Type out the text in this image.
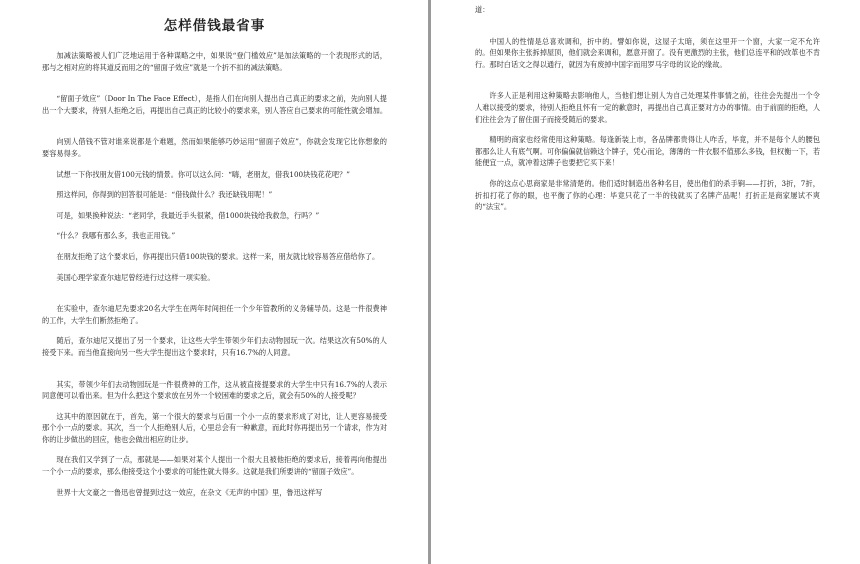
怎样借钱最省事

加减法策略被人们广泛地运用于各种谋略之中，如果说“登门槛效应”是加法策略的一个表现形式的话，那与之相对应的将其道反而用之的“留面子效应”就是一个折不扣的减法策略。

“留面子效应”（Door In The Face Effect），是指人们在向别人提出自己真正的要求之前，先向别人提出一个大要求，待别人拒绝之后，再提出自己真正的比较小的要求来，别人答应自己要求的可能性就会增加。

向别人借钱不管对谁来说都是个难题，然而如果能够巧妙运用“留面子效应”，你就会发现它比你想象的要容易得多。

试想一下你找朋友借100元钱的情景。你可以这么问：“嗨，老朋友，借我100块钱花花吧？”

照这样问，你得到的回答很可能是：“借钱做什么？我还缺钱用呢！”

可是，如果换种说法：“老同学，我最近手头很紧，借1000块钱给我救急，行吗？”

“什么？我哪有那么多，我也正用钱。”

在朋友拒绝了这个要求后，你再提出只借100块钱的要求。这样一来，朋友就比较容易答应借给你了。

美国心理学家查尔迪尼曾经进行过这样一项实验。

在实验中，查尔迪尼先要求20名大学生在两年时间担任一个少年管教所的义务辅导员。这是一件很费神的工作，大学生们断然拒绝了。

随后，查尔迪尼又提出了另一个要求，让这些大学生带领少年们去动物园玩一次。结果这次有50%的人接受下来。而当他直接向另一些大学生提出这个要求时，只有16.7%的人同意。

其实，带领少年们去动物园玩是一件很费神的工作，这从被直接提要求的大学生中只有16.7%的人表示同意便可以看出来。但为什么把这个要求放在另外一个较困难的要求之后，就会有50%的人接受呢？

这其中的原因就在于，首先，第一个很大的要求与后面一个小一点的要求形成了对比，让人更容易接受那个小一点的要求。其次，当一个人拒绝别人后，心里总会有一种歉意，而此时你再提出另一个请求，作为对你的让步做出的回应，他也会做出相应的让步。

现在我们又学到了一点，那就是——如果对某个人提出一个很大且被他拒绝的要求后，接着再向他提出一个小一点的要求，那么他接受这个小要求的可能性就大得多。这就是我们所要讲的“留面子效应”。

世界十大文豪之一鲁迅也曾提到过这一效应，在杂文《无声的中国》里，鲁迅这样写

道：

中国人的性情是总喜欢调和，折中的。譬如你说，这屋子太暗，须在这里开一个窗，大家一定不允许的。但如果你主张拆掉屋顶，他们就会来调和，愿意开窗了。没有更激烈的主张，他们总连平和的改革也不肯行。那时白话文之得以通行，就因为有废掉中国字而用罗马字母的议论的缘故。

许多人正是利用这种策略去影响他人，当他们想让别人为自己处理某件事情之前，往往会先提出一个令人难以接受的要求，待别人拒绝且怀有一定的歉意时，再提出自己真正要对方办的事情。由于前面的拒绝，人们往往会为了留住面子而接受随后的要求。

精明的商家也经常使用这种策略。每逢新装上市，各品牌都贵得让人咋舌，毕竟，并不是每个人的腰包都那么让人有底气啊。可你偏偏就信赖这个牌子，凭心而论，薄薄的一件衣服不值那么多钱，但权衡一下，若能便宜一点，就冲着这牌子也要把它买下来！

你的这点心思商家是非常清楚的。他们适时制造出各种名目，使出他们的杀手锏——打折，3折，7折，折扣打花了你的眼，也平衡了你的心理：毕竟只花了一半的钱就买了名牌产品呢！打折正是商家屡试不爽的“法宝”。
